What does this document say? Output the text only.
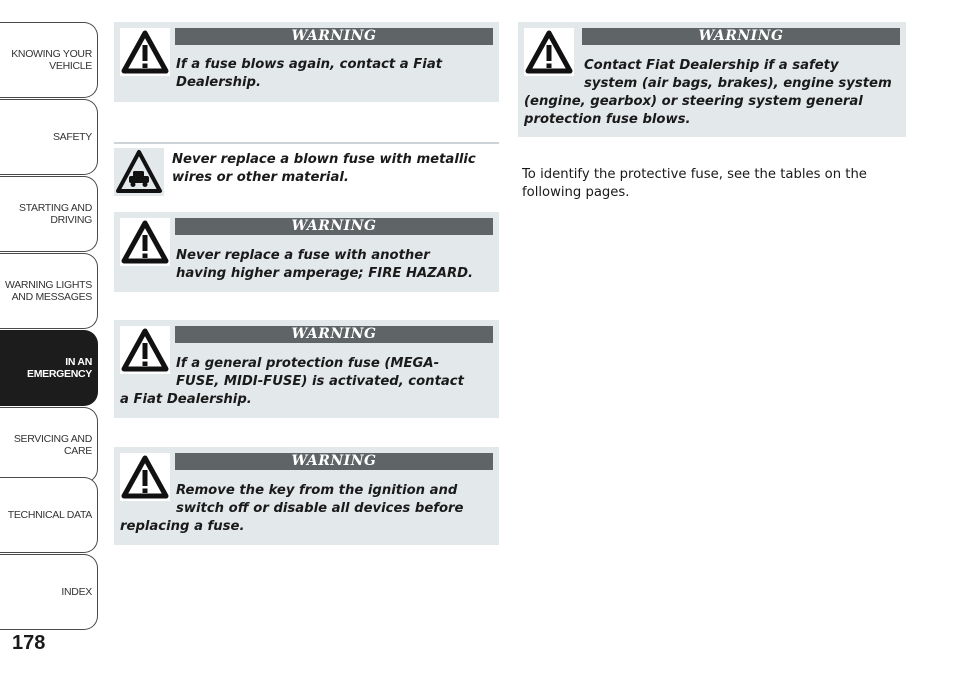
KNOWING YOUR
VEHICLE
SAFETY
STARTING AND
DRIVING
WARNING LIGHTS
AND MESSAGES
IN AN
EMERGENCY
SERVICING AND
CARE
TECHNICAL DATA
INDEX
178
WARNING

If a fuse blows again, contact a Fiat
Dealership.

Never replace a blown fuse with metallic
wires or other material.

WARNING

Never replace a fuse with another
having higher amperage; FIRE HAZARD.

WARNING

If a general protection fuse (MEGA-
FUSE, MIDI-FUSE) is activated, contact
a Fiat Dealership.

WARNING

Remove the key from the ignition and
switch off or disable all devices before
replacing a fuse.

WARNING

Contact Fiat Dealership if a safety
system (air bags, brakes), engine system
(engine, gearbox) or steering system general
protection fuse blows.

To identify the protective fuse, see the tables on the
following pages.
